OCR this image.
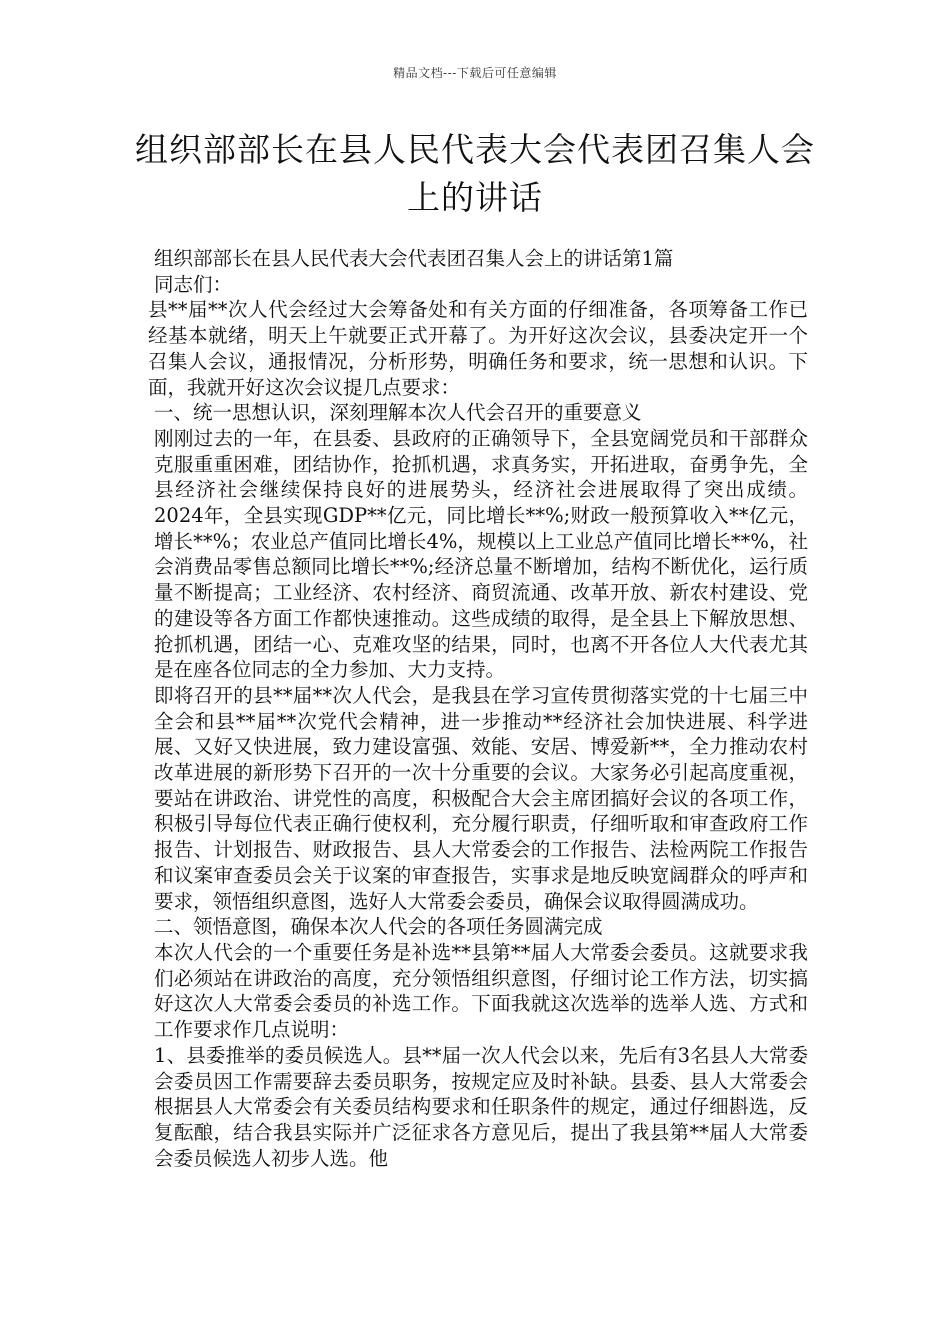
精品文档---下载后可任意编辑
组织部部长在县人民代表大会代表团召集人会上的讲话

组织部部长在县人民代表大会代表团召集人会上的讲话第1篇

同志们：

县**届**次人代会经过大会筹备处和有关方面的仔细准备，各项筹备工作已经基本就绪，明天上午就要正式开幕了。为开好这次会议，县委决定开一个召集人会议，通报情况，分析形势，明确任务和要求，统一思想和认识。下面，我就开好这次会议提几点要求：

一、统一思想认识，深刻理解本次人代会召开的重要意义

刚刚过去的一年，在县委、县政府的正确领导下，全县宽阔党员和干部群众克服重重困难，团结协作，抢抓机遇，求真务实，开拓进取，奋勇争先，全县经济社会继续保持良好的进展势头，经济社会进展取得了突出成绩。2024年，全县实现GDP**亿元，同比增长**%;财政一般预算收入**亿元，增长**%；农业总产值同比增长4%，规模以上工业总产值同比增长**%，社会消费品零售总额同比增长**%;经济总量不断增加，结构不断优化，运行质量不断提高；工业经济、农村经济、商贸流通、改革开放、新农村建设、党的建设等各方面工作都快速推动。这些成绩的取得，是全县上下解放思想、抢抓机遇，团结一心、克难攻坚的结果，同时，也离不开各位人大代表尤其是在座各位同志的全力参加、大力支持。

即将召开的县**届**次人代会，是我县在学习宣传贯彻落实党的十七届三中全会和县**届**次党代会精神，进一步推动**经济社会加快进展、科学进展、又好又快进展，致力建设富强、效能、安居、博爱新**，全力推动农村改革进展的新形势下召开的一次十分重要的会议。大家务必引起高度重视，要站在讲政治、讲党性的高度，积极配合大会主席团搞好会议的各项工作，积极引导每位代表正确行使权利，充分履行职责，仔细听取和审查政府工作报告、计划报告、财政报告、县人大常委会的工作报告、法检两院工作报告和议案审查委员会关于议案的审查报告，实事求是地反映宽阔群众的呼声和要求，领悟组织意图，选好人大常委会委员，确保会议取得圆满成功。

二、领悟意图，确保本次人代会的各项任务圆满完成

本次人代会的一个重要任务是补选**县第**届人大常委会委员。这就要求我们必须站在讲政治的高度，充分领悟组织意图，仔细讨论工作方法，切实搞好这次人大常委会委员的补选工作。下面我就这次选举的选举人选、方式和工作要求作几点说明：

1、县委推举的委员候选人。县**届一次人代会以来，先后有3名县人大常委会委员因工作需要辞去委员职务，按规定应及时补缺。县委、县人大常委会根据县人大常委会有关委员结构要求和任职条件的规定，通过仔细斟选，反复酝酿，结合我县实际并广泛征求各方意见后，提出了我县第**届人大常委会委员候选人初步人选。他
